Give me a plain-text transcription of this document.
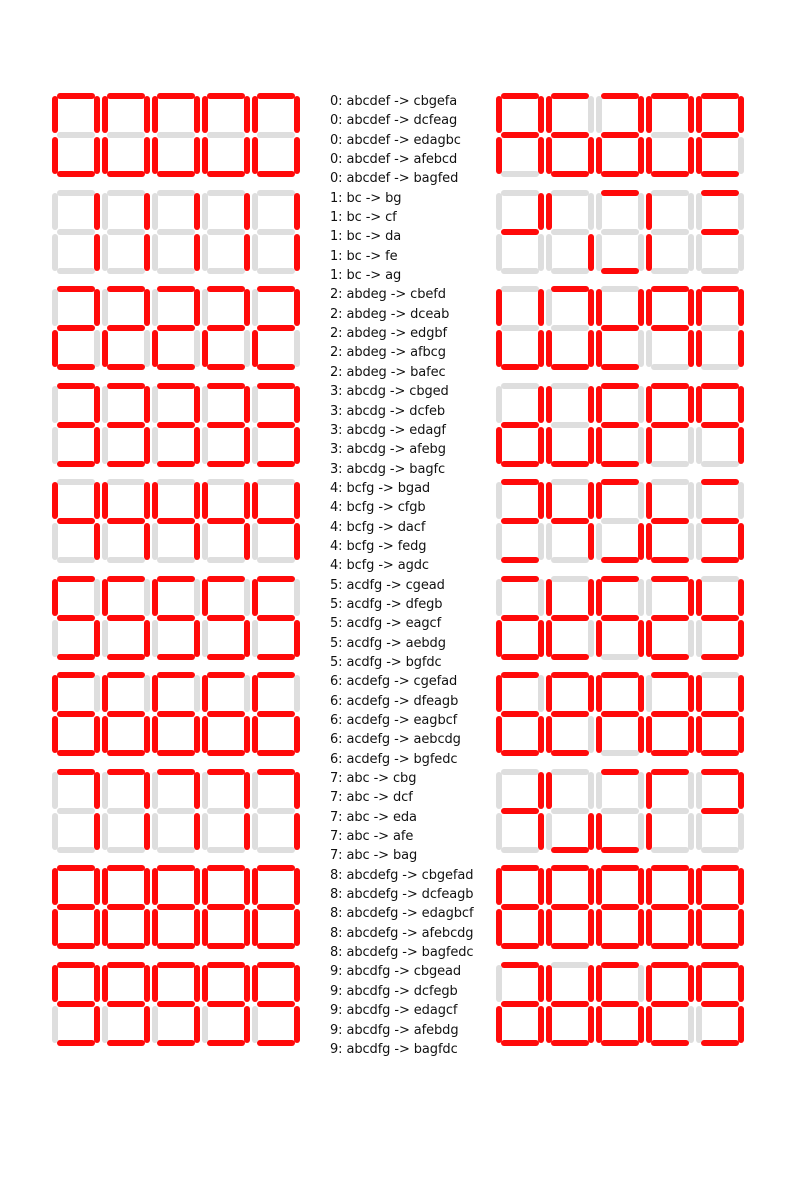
0: abcdef -> cbgefa
0: abcdef -> dcfeag
0: abcdef -> edagbc
0: abcdef -> afebcd
0: abcdef -> bagfed
1: bc -> bg
1: bc -> cf
1: bc -> da
1: bc -> fe
1: bc -> ag
2: abdeg -> cbefd
2: abdeg -> dceab
2: abdeg -> edgbf
2: abdeg -> afbcg
2: abdeg -> bafec
3: abcdg -> cbged
3: abcdg -> dcfeb
3: abcdg -> edagf
3: abcdg -> afebg
3: abcdg -> bagfc
4: bcfg -> bgad
4: bcfg -> cfgb
4: bcfg -> dacf
4: bcfg -> fedg
4: bcfg -> agdc
5: acdfg -> cgead
5: acdfg -> dfegb
5: acdfg -> eagcf
5: acdfg -> aebdg
5: acdfg -> bgfdc
6: acdefg -> cgefad
6: acdefg -> dfeagb
6: acdefg -> eagbcf
6: acdefg -> aebcdg
6: acdefg -> bgfedc
7: abc -> cbg
7: abc -> dcf
7: abc -> eda
7: abc -> afe
7: abc -> bag
8: abcdefg -> cbgefad
8: abcdefg -> dcfeagb
8: abcdefg -> edagbcf
8: abcdefg -> afebcdg
8: abcdefg -> bagfedc
9: abcdfg -> cbgead
9: abcdfg -> dcfegb
9: abcdfg -> edagcf
9: abcdfg -> afebdg
9: abcdfg -> bagfdc
